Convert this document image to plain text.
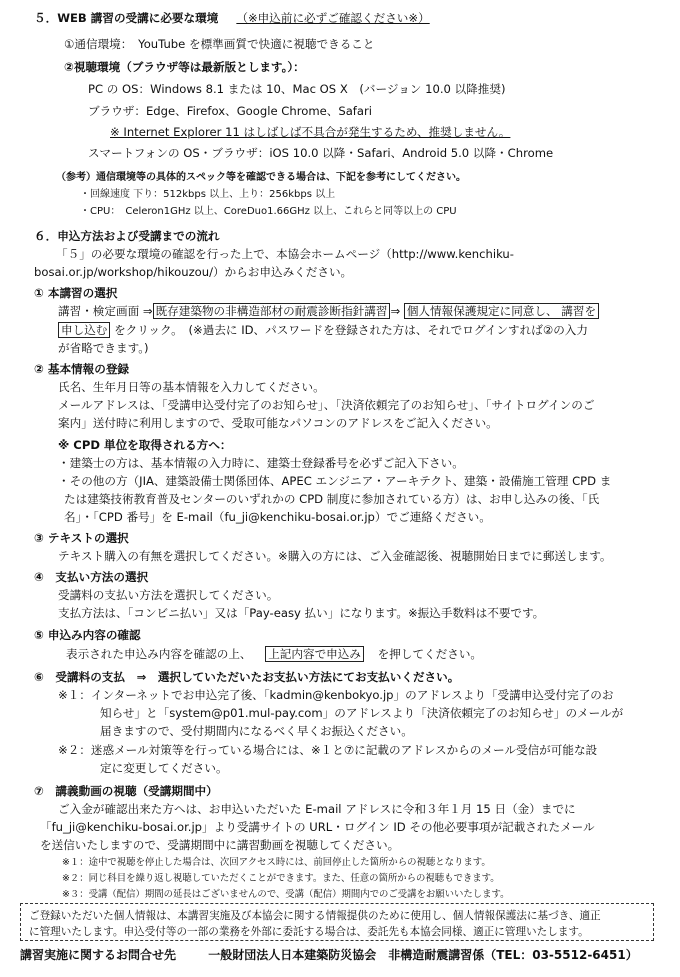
５．WEB 講習の受講に必要な環境 （※申込前に必ずご確認ください※）
①通信環境：　YouTube を標準画質で快適に視聴できること
②視聴環境（ブラウザ等は最新版とします。）：
PC の OS：Windows 8.1 または 10、Mac OS X　(バージョン 10.0 以降推奨)
ブラウザ：Edge、Firefox、Google Chrome、Safari
※ Internet Explorer 11 はしばしば不具合が発生するため、推奨しません。
スマートフォンの OS・ブラウザ：iOS 10.0 以降・Safari、Android 5.0 以降・Chrome
（参考）通信環境等の具体的スペック等を確認できる場合は、下記を参考にしてください。
・回線速度 下り：512kbps 以上、上り：256kbps 以上
・CPU：　Celeron1GHz 以上、CoreDuo1.66GHz 以上、これらと同等以上の CPU
６．申込方法および受講までの流れ
「５」の必要な環境の確認を行った上で、本協会ホームページ（http://www.kenchiku-
bosai.or.jp/workshop/hikouzou/）からお申込みください。
① 本講習の選択
講習・検定画面 ⇒ 既存建築物の非構造部材の耐震診断指針講習 ⇒ 個人情報保護規定に同意し、 講習を
申し込む をクリック。　(※過去に ID、パスワードを登録された方は、それでログインすれば②の入力
が省略できます。)
② 基本情報の登録
氏名、生年月日等の基本情報を入力してください。
メールアドレスは、「受講申込受付完了のお知らせ」、「決済依頼完了のお知らせ」、「サイトログインのご
案内」送付時に利用しますので、受取可能なパソコンのアドレスをご記入ください。
※ CPD 単位を取得される方へ：
・建築士の方は、基本情報の入力時に、建築士登録番号を必ずご記入下さい。
・その他の方（JIA、建築設備士関係団体、APEC エンジニア・アーキテクト、建築・設備施工管理 CPD ま
たは建築技術教育普及センターのいずれかの CPD 制度に参加されている方）は、お申し込みの後、「氏
名」・「CPD 番号」を E-mail（fu_ji@kenchiku-bosai.or.jp）でご連絡ください。
③ テキストの選択
テキスト購入の有無を選択してください。※購入の方には、ご入金確認後、視聴開始日までに郵送します。
④　支払い方法の選択
受講料の支払い方法を選択してください。
支払方法は、「コンビニ払い」又は「Pay-easy 払い」になります。※振込手数料は不要です。
⑤ 申込み内容の確認
表示された申込み内容を確認の上、 上記内容で申込み を押してください。
⑥　受講料の支払　⇒　選択していただいたお支払い方法にてお支払いください。
※１：インターネットでお申込完了後、「kadmin@kenbokyo.jp」のアドレスより「受講申込受付完了のお
知らせ」と「system@p01.mul-pay.com」のアドレスより「決済依頼完了のお知らせ」のメールが
届きますので、受付期間内になるべく早くお振込ください。
※２：迷惑メール対策等を行っている場合には、※１と⑦に記載のアドレスからのメール受信が可能な設
定に変更してください。
⑦　講義動画の視聴（受講期間中）
ご入金が確認出来た方へは、お申込いただいた E-mail アドレスに令和３年１月 15 日（金）までに
「fu_ji@kenchiku-bosai.or.jp」より受講サイトの URL・ログイン ID その他必要事項が記載されたメール
を送信いたしますので、受講期間中に講習動画を視聴してください。
※１：途中で視聴を停止した場合は、次回アクセス時には、前回停止した箇所からの視聴となります。
※２：同じ科目を繰り返し視聴していただくことができます。また、任意の箇所からの視聴もできます。
※３：受講（配信）期間の延長はございませんので、受講（配信）期間内でのご受講をお願いいたします。
ご登録いただいた個人情報は、本講習実施及び本協会に関する情報提供のために使用し、個人情報保護法に基づき、適正
に管理いたします。申込受付等の一部の業務を外部に委託する場合は、委託先も本協会同様、適正に管理いたします。
講習実施に関するお問合せ先	一般財団法人日本建築防災協会　非構造耐震講習係（TEL：03-5512-6451）
